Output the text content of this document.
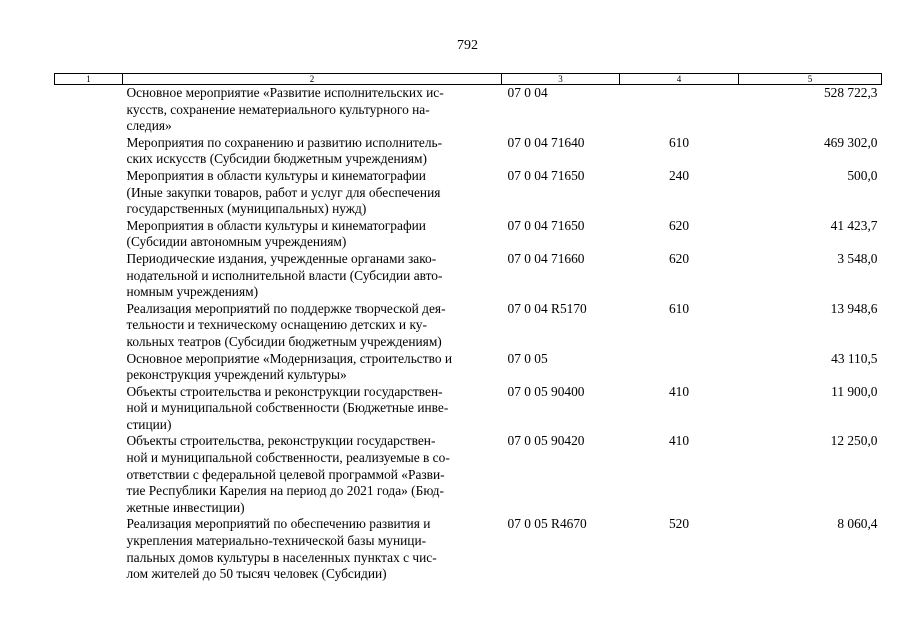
792
1	2	3	4	5

	Основное мероприятие «Развитие исполнительских ис-
кусств, сохранение нематериального культурного на-
следия»	07 0 04		528 722,3

	Мероприятия по сохранению и развитию исполнитель-
ских искусств (Субсидии бюджетным учреждениям)	07 0 04 71640	610	469 302,0

	Мероприятия в области культуры и кинематографии
(Иные закупки товаров, работ и услуг для обеспечения
государственных (муниципальных) нужд)	07 0 04 71650	240	500,0

	Мероприятия в области культуры и кинематографии
(Субсидии автономным учреждениям)	07 0 04 71650	620	41 423,7

	Периодические издания, учрежденные органами зако-
нодательной и исполнительной власти (Субсидии авто-
номным учреждениям)	07 0 04 71660	620	3 548,0

	Реализация мероприятий по поддержке творческой дея-
тельности и техническому оснащению детских и ку-
кольных театров (Субсидии бюджетным учреждениям)	07 0 04 R5170	610	13 948,6

	Основное мероприятие «Модернизация, строительство и
реконструкция учреждений культуры»	07 0 05		43 110,5

	Объекты строительства и реконструкции государствен-
ной и муниципальной собственности (Бюджетные инве-
стиции)	07 0 05 90400	410	11 900,0

	Объекты строительства, реконструкции государствен-
ной и муниципальной собственности, реализуемые в со-
ответствии с федеральной целевой программой «Разви-
тие Республики Карелия на период до 2021 года» (Бюд-
жетные инвестиции)	07 0 05 90420	410	12 250,0

	Реализация мероприятий по обеспечению развития и
укрепления материально-технической базы муници-
пальных домов культуры в населенных пунктах с чис-
лом жителей до 50 тысяч человек (Субсидии)	07 0 05 R4670	520	8 060,4
